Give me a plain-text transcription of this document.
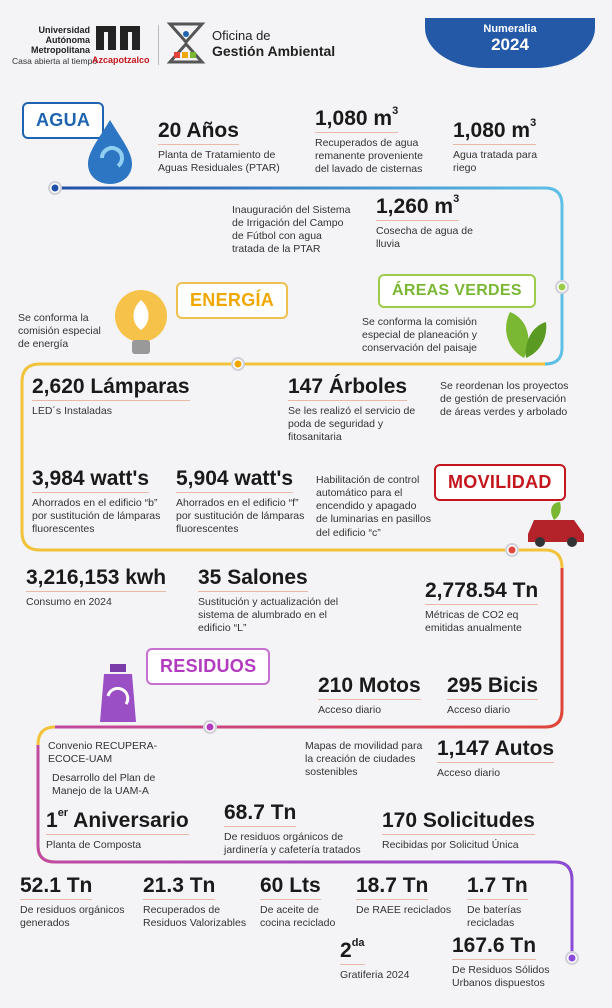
Universidad
Autónoma
Metropolitana
Casa abierta al tiempo
Azcapotzalco
Oficina de
Gestión Ambiental
Numeralia
2024
AGUA	20 Años
Planta de Tratamiento de Aguas Residuales (PTAR)
1,080 $m^3$
Recuperados de agua remanente proveniente del lavado de cisternas
1,080 $m^3$
Agua tratada para riego
Inauguración del Sistema de Irrigación del Campo de Fútbol con agua tratada de la PTAR
1,260 $m^3$
Cosecha de agua de lluvia
ENERGÍA
Se conforma la comisión especial de energía
ÁREAS VERDES
Se conforma la comisión especial de planeación y conservación del paisaje
2,620 Lámparas
LED´s Instaladas
147 Árboles
Se les realizó el servicio de poda de seguridad y fitosanitaria
Se reordenan los proyectos de gestión de preservación de áreas verdes y arbolado
3,984 watt's
Ahorrados en el edificio “b” por sustitución de lámparas fluorescentes
5,904 watt's
Ahorrados en el edificio “f” por sustitución de lámparas fluorescentes
Habilitación de control automático para el encendido y apagado de luminarias en pasillos del edificio “c”
MOVILIDAD
3,216,153 kwh
Consumo en 2024
35 Salones
Sustitución y actualización del sistema de alumbrado en el edificio “L”
2,778.54 Tn
Métricas de CO2 eq emitidas anualmente
RESIDUOS
210 Motos
Acceso diario
295 Bicis
Acceso diario
Convenio RECUPERA-ECOCE-UAM
Desarrollo del Plan de Manejo de la UAM-A
Mapas de movilidad para la creación de ciudades sostenibles
1,147 Autos
Acceso diario
1er Aniversario
Planta de Composta
68.7 Tn
De residuos orgánicos de jardinería y cafetería tratados
170 Solicitudes
Recibidas por Solicitud Única
52.1 Tn
De residuos orgánicos generados
21.3 Tn
Recuperados de Residuos Valorizables
60 Lts
De aceite de cocina reciclado
18.7 Tn
De RAEE reciclados
1.7 Tn
De baterías recicladas
$2^{da}$
Gratiferia 2024
167.6 Tn
De Residuos Sólidos Urbanos dispuestos
